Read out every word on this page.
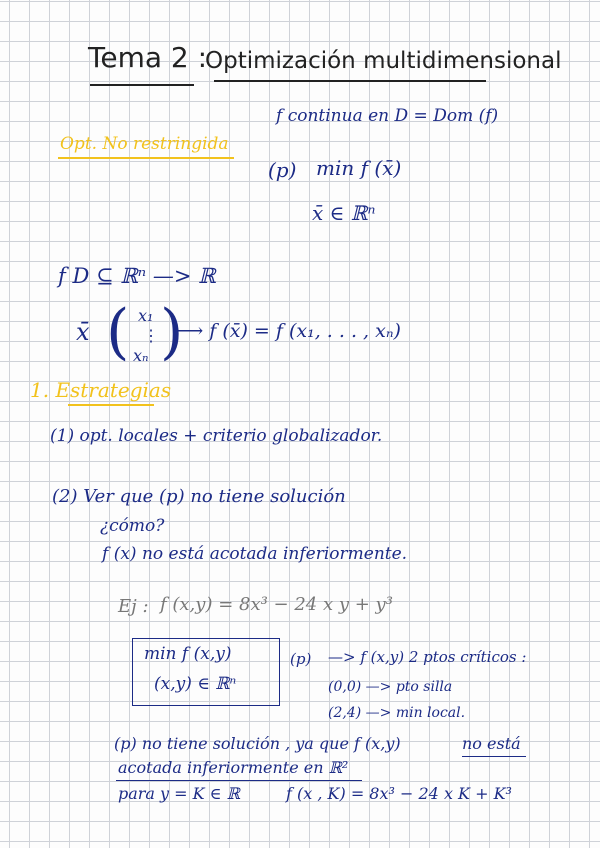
Tema 2 :
Optimización multidimensional
f continua en D = Dom (f)
Opt. No restringida
(p) min f (x̄)
x̄ ∈ ℝⁿ
f D ⊆ ℝⁿ —> ℝ
x̄ ( x₁
⋮
xₙ )
⟶ f (x̄) = f (x₁, . . . , xₙ)
1. Estrategias
(1) opt. locales + criterio globalizador.
(2) Ver que (p) no tiene solución
¿cómo?
f (x) no está acotada inferiormente.
Ej : f (x,y) = 8x³ − 24 x y + y³
min f (x,y)
(x,y) ∈ ℝⁿ
(p) —> f (x,y) 2 ptos críticos :
(0,0) —> pto silla
(2,4) —> min local.
(p) no tiene solución , ya que f (x,y)	no está
acotada inferiormente en ℝ²
para y = K ∈ ℝ	f (x , K) = 8x³ − 24 x K + K³
